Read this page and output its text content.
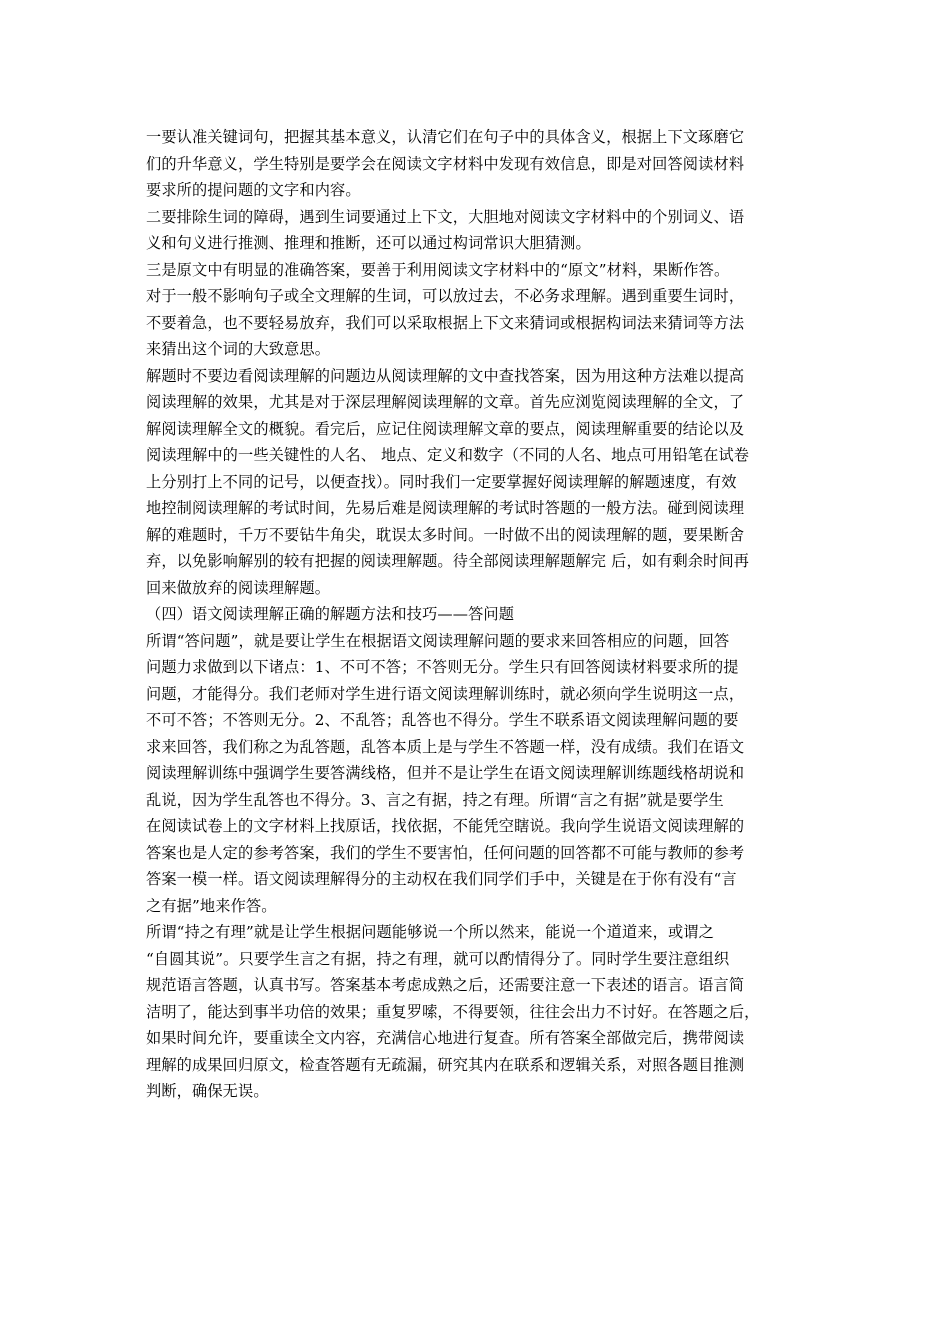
一要认准关键词句，把握其基本意义，认清它们在句子中的具体含义，根据上下文琢磨它
们的升华意义，学生特别是要学会在阅读文字材料中发现有效信息，即是对回答阅读材料
要求所的提问题的文字和内容。
二要排除生词的障碍，遇到生词要通过上下文，大胆地对阅读文字材料中的个别词义、语
义和句义进行推测、推理和推断，还可以通过构词常识大胆猜测。
三是原文中有明显的准确答案，要善于利用阅读文字材料中的“原文”材料，果断作答。
对于一般不影响句子或全文理解的生词，可以放过去，不必务求理解。遇到重要生词时，
不要着急，也不要轻易放弃，我们可以采取根据上下文来猜词或根据构词法来猜词等方法
来猜出这个词的大致意思。
解题时不要边看阅读理解的问题边从阅读理解的文中查找答案，因为用这种方法难以提高
阅读理解的效果，尤其是对于深层理解阅读理解的文章。首先应浏览阅读理解的全文，了
解阅读理解全文的概貌。看完后，应记住阅读理解文章的要点，阅读理解重要的结论以及
阅读理解中的一些关键性的人名、 地点、定义和数字（不同的人名、地点可用铅笔在试卷
上分别打上不同的记号，以便查找）。同时我们一定要掌握好阅读理解的解题速度，有效
地控制阅读理解的考试时间，先易后难是阅读理解的考试时答题的一般方法。碰到阅读理
解的难题时，千万不要钻牛角尖，耽误太多时间。一时做不出的阅读理解的题，要果断舍
弃，以免影响解别的较有把握的阅读理解题。待全部阅读理解题解完 后，如有剩余时间再
回来做放弃的阅读理解题。
（四）语文阅读理解正确的解题方法和技巧——答问题
所谓“答问题”，就是要让学生在根据语文阅读理解问题的要求来回答相应的问题，回答
问题力求做到以下诸点：1、不可不答；不答则无分。学生只有回答阅读材料要求所的提
问题，才能得分。我们老师对学生进行语文阅读理解训练时，就必须向学生说明这一点，
不可不答；不答则无分。2、不乱答；乱答也不得分。学生不联系语文阅读理解问题的要
求来回答，我们称之为乱答题，乱答本质上是与学生不答题一样，没有成绩。我们在语文
阅读理解训练中强调学生要答满线格，但并不是让学生在语文阅读理解训练题线格胡说和
乱说，因为学生乱答也不得分。3、言之有据，持之有理。所谓“言之有据”就是要学生
在阅读试卷上的文字材料上找原话，找依据，不能凭空瞎说。我向学生说语文阅读理解的
答案也是人定的参考答案，我们的学生不要害怕，任何问题的回答都不可能与教师的参考
答案一模一样。语文阅读理解得分的主动权在我们同学们手中，关键是在于你有没有“言
之有据”地来作答。
所谓“持之有理”就是让学生根据问题能够说一个所以然来，能说一个道道来，或谓之
“自圆其说”。只要学生言之有据，持之有理，就可以酌情得分了。同时学生要注意组织
规范语言答题，认真书写。答案基本考虑成熟之后，还需要注意一下表述的语言。语言简
洁明了，能达到事半功倍的效果；重复罗嗦，不得要领，往往会出力不讨好。在答题之后，
如果时间允许，要重读全文内容，充满信心地进行复查。所有答案全部做完后，携带阅读
理解的成果回归原文，检查答题有无疏漏，研究其内在联系和逻辑关系，对照各题目推测
判断，确保无误。
